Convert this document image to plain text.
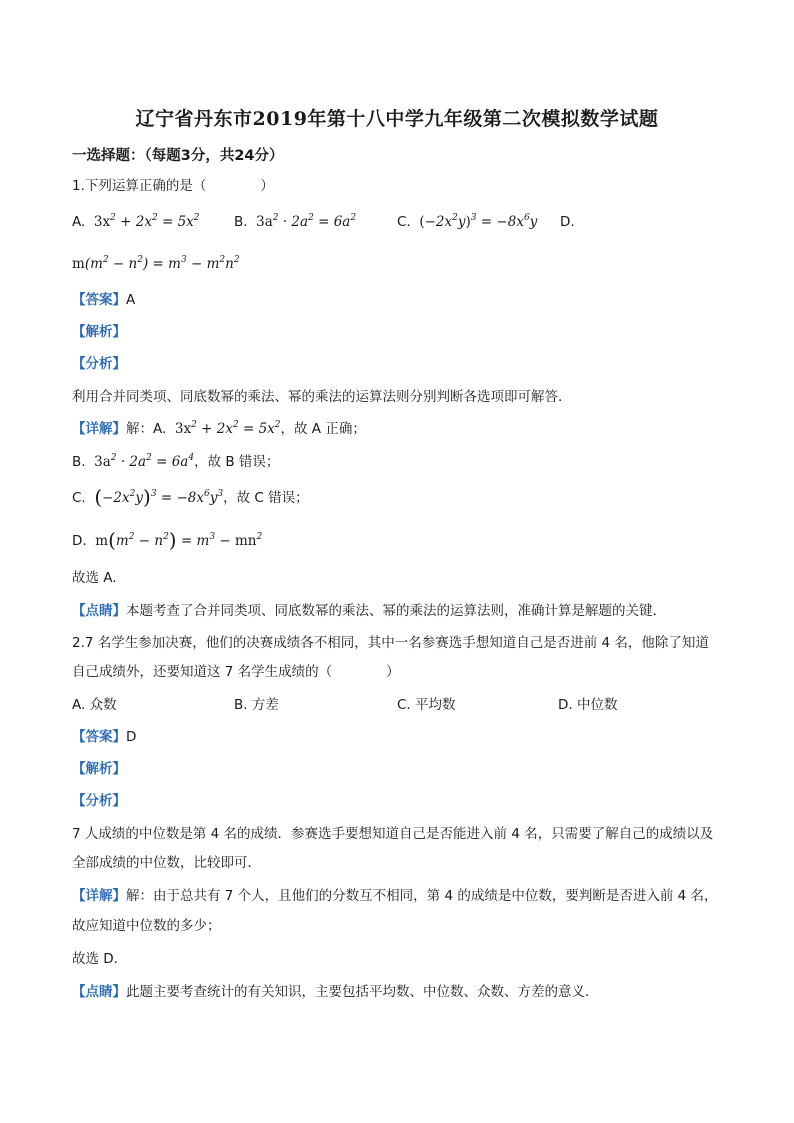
辽宁省丹东市2019年第十八中学九年级第二次模拟数学试题
一选择题：（每题3分，共24分）
1.下列运算正确的是（　　　　）
A. $3x^2 + 2x^2 = 5x^2$	B. $3a^2 \cdot 2a^2 = 6a^2$	C. $(-2x^2y)^3 = -8x^6y$ D.
$m(m^2 - n^2) = m^3 - m^2n^2$
【答案】A
【解析】
【分析】
利用合并同类项、同底数幂的乘法、幂的乘法的运算法则分别判断各选项即可解答.
【详解】解：A. $3x^2 + 2x^2 = 5x^2$，故 A 正确；
B. $3a^2 \cdot 2a^2 = 6a^4$，故 B 错误；
C. $(-2x^2y)^3 = -8x^6y^3$，故 C 错误；
D. $m(m^2 - n^2) = m^3 - mn^2$
故选 A.
【点睛】本题考查了合并同类项、同底数幂的乘法、幂的乘法的运算法则，准确计算是解题的关键.
2.7 名学生参加决赛，他们的决赛成绩各不相同，其中一名参赛选手想知道自己是否进前 4 名，他除了知道
自己成绩外，还要知道这 7 名学生成绩的（　　　　）
A. 众数	B. 方差	C. 平均数	D. 中位数
【答案】D
【解析】
【分析】
7 人成绩的中位数是第 4 名的成绩．参赛选手要想知道自己是否能进入前 4 名，只需要了解自己的成绩以及
全部成绩的中位数，比较即可．
【详解】解：由于总共有 7 个人，且他们的分数互不相同，第 4 的成绩是中位数，要判断是否进入前 4 名，
故应知道中位数的多少；
故选 D．
【点睛】此题主要考查统计的有关知识，主要包括平均数、中位数、众数、方差的意义．
